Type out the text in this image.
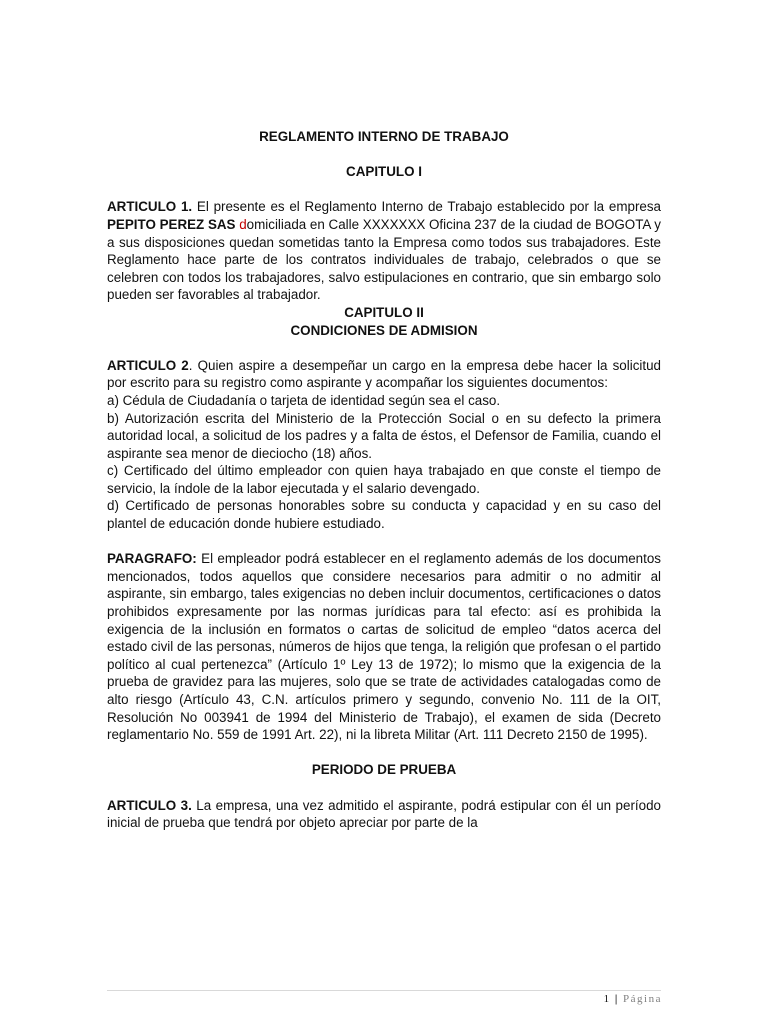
REGLAMENTO INTERNO DE TRABAJO
CAPITULO I

ARTICULO 1. El presente es el Reglamento Interno de Trabajo establecido por la empresa PEPITO PEREZ SAS domiciliada en Calle XXXXXXX Oficina 237 de la ciudad de BOGOTA y a sus disposiciones quedan sometidas tanto la Empresa como todos sus trabajadores. Este Reglamento hace parte de los contratos individuales de trabajo, celebrados o que se celebren con todos los trabajadores, salvo estipulaciones en contrario, que sin embargo solo pueden ser favorables al trabajador.

CAPITULO II
CONDICIONES DE ADMISION

ARTICULO 2. Quien aspire a desempeñar un cargo en la empresa debe hacer la solicitud por escrito para su registro como aspirante y acompañar los siguientes documentos:

a) Cédula de Ciudadanía o tarjeta de identidad según sea el caso.

b) Autorización escrita del Ministerio de la Protección Social o en su defecto la primera autoridad local, a solicitud de los padres y a falta de éstos, el Defensor de Familia, cuando el aspirante sea menor de dieciocho (18) años.

c) Certificado del último empleador con quien haya trabajado en que conste el tiempo de servicio, la índole de la labor ejecutada y el salario devengado.

d) Certificado de personas honorables sobre su conducta y capacidad y en su caso del plantel de educación donde hubiere estudiado.

PARAGRAFO: El empleador podrá establecer en el reglamento además de los documentos mencionados, todos aquellos que considere necesarios para admitir o no admitir al aspirante, sin embargo, tales exigencias no deben incluir documentos, certificaciones o datos prohibidos expresamente por las normas jurídicas para tal efecto: así es prohibida la exigencia de la inclusión en formatos o cartas de solicitud de empleo “datos acerca del estado civil de las personas, números de hijos que tenga, la religión que profesan o el partido político al cual pertenezca” (Artículo 1º Ley 13 de 1972); lo mismo que la exigencia de la prueba de gravidez para las mujeres, solo que se trate de actividades catalogadas como de alto riesgo (Artículo 43, C.N. artículos primero y segundo, convenio No. 111 de la OIT, Resolución No 003941 de 1994 del Ministerio de Trabajo), el examen de sida (Decreto reglamentario No. 559 de 1991 Art. 22), ni la libreta Militar (Art. 111 Decreto 2150 de 1995).

PERIODO DE PRUEBA

ARTICULO 3. La empresa, una vez admitido el aspirante, podrá estipular con él un período inicial de prueba que tendrá por objeto apreciar por parte de la

1 | Página
